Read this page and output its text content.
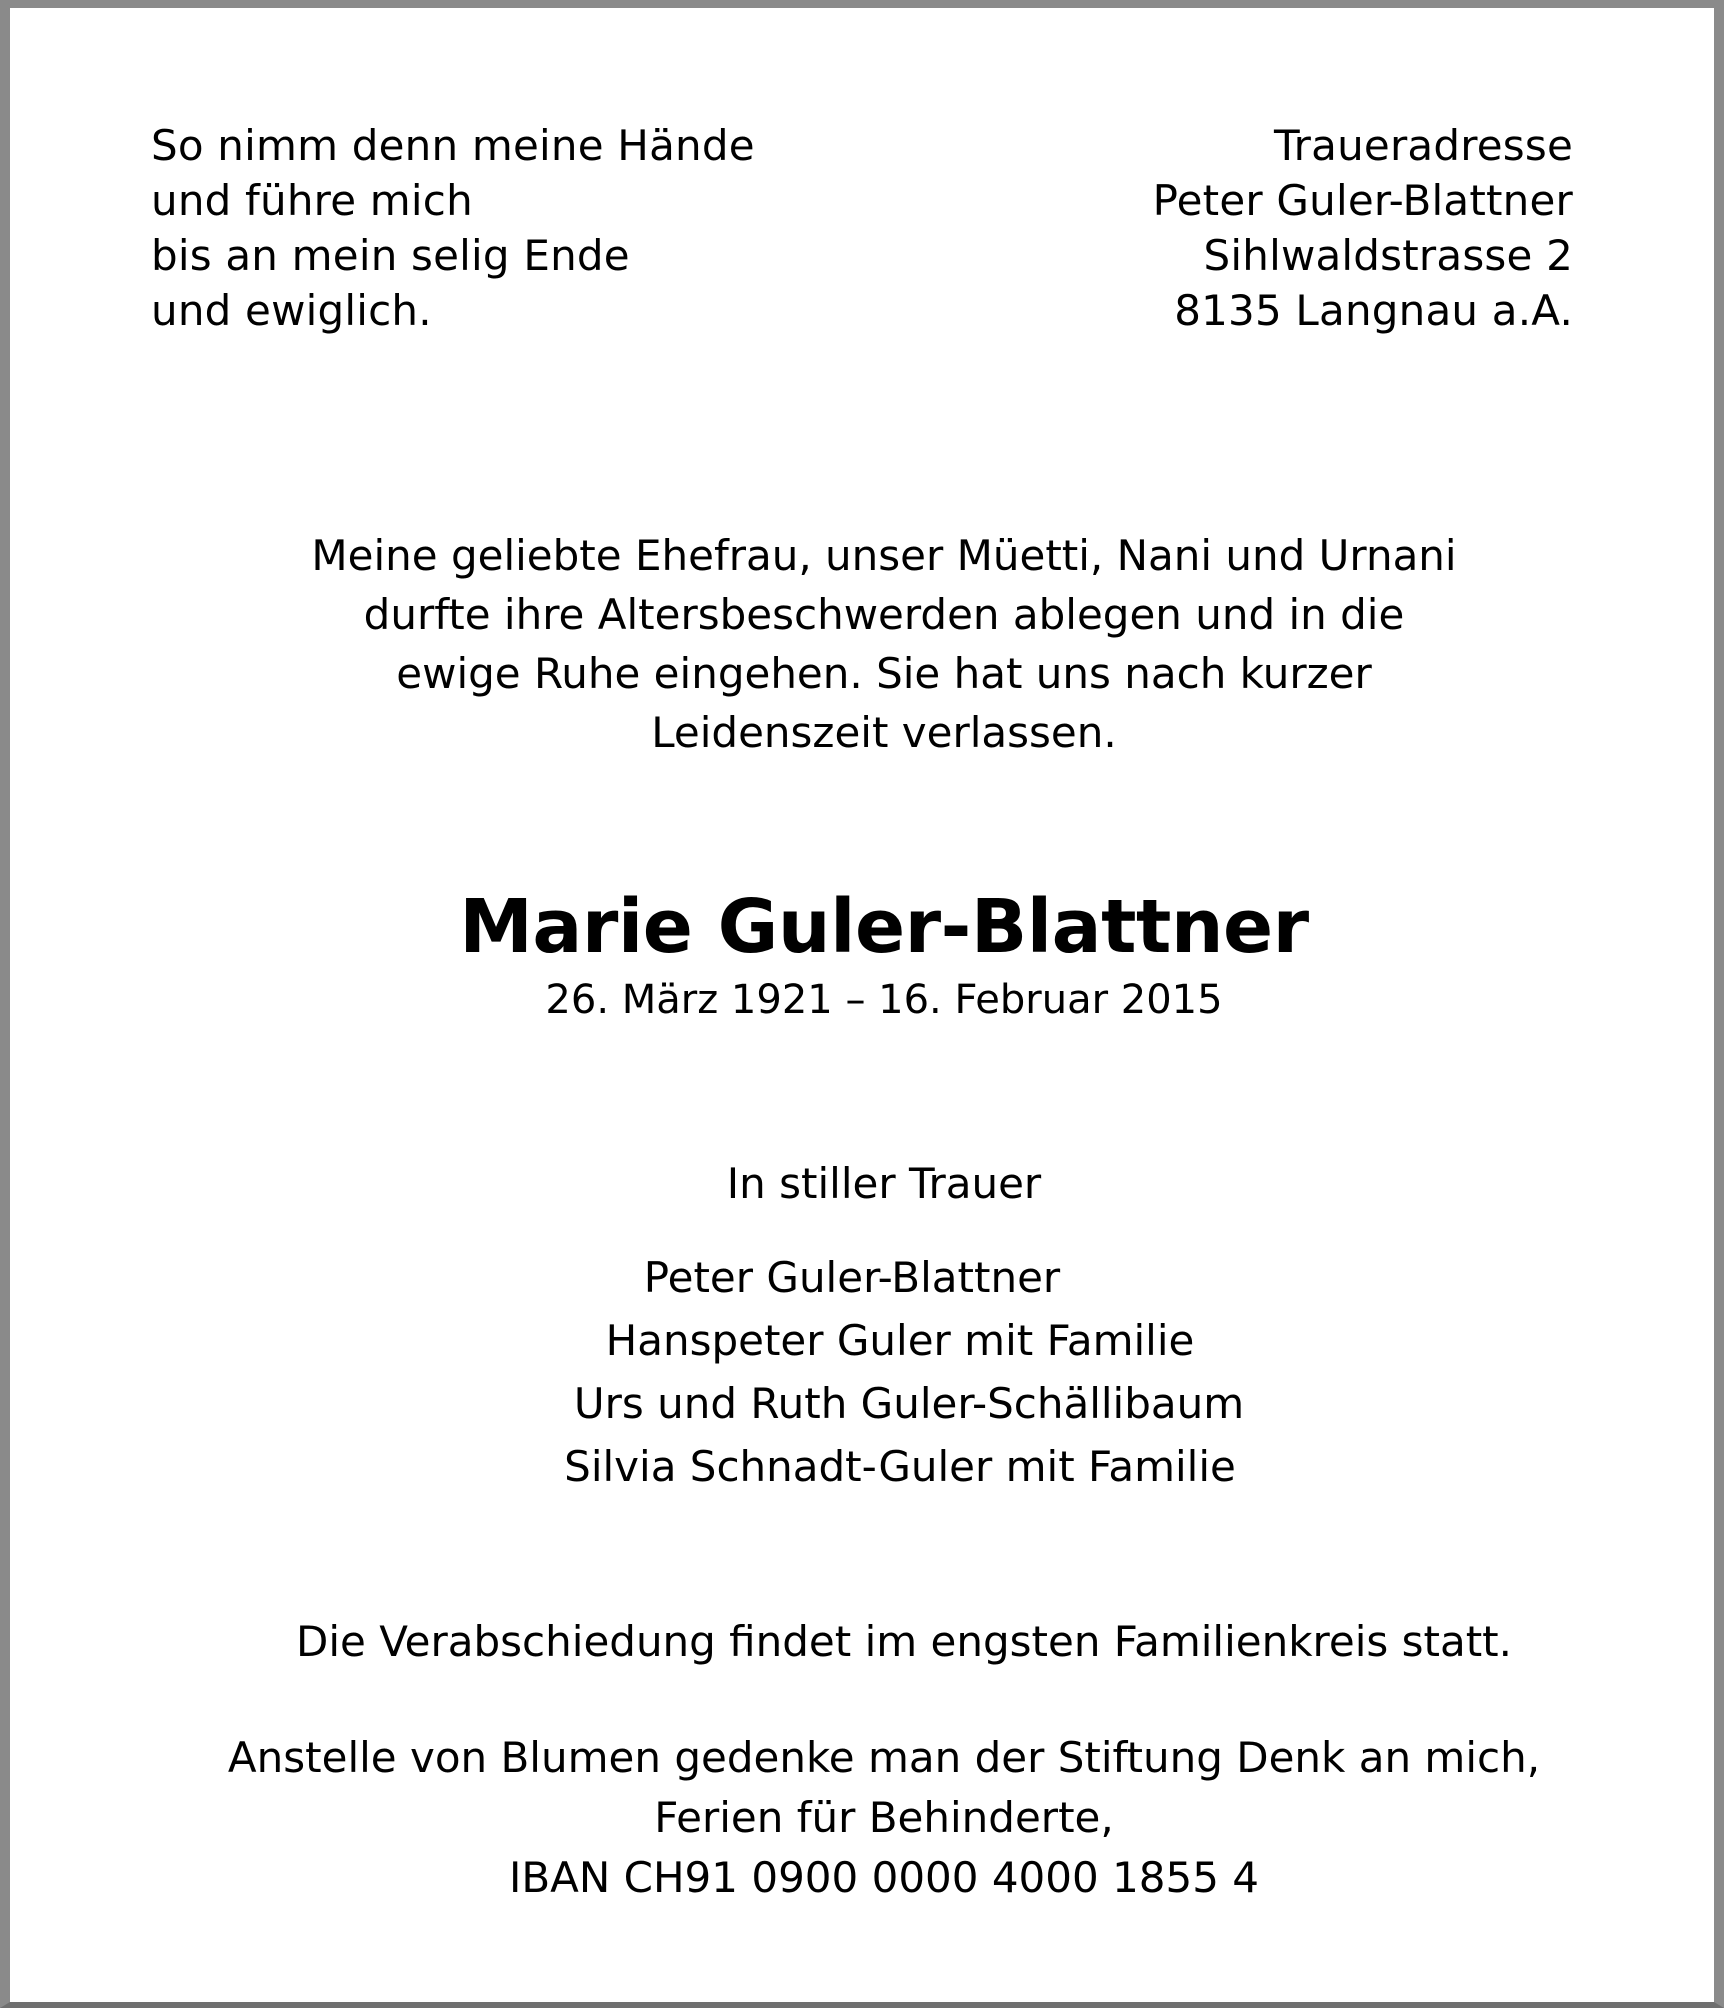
So nimm denn meine Hände
und führe mich
bis an mein selig Ende
und ewiglich.
Traueradresse
Peter Guler-Blattner
Sihlwaldstrasse 2
8135 Langnau a.A.
Meine geliebte Ehefrau, unser Müetti, Nani und Urnani
durfte ihre Altersbeschwerden ablegen und in die
ewige Ruhe eingehen. Sie hat uns nach kurzer
Leidenszeit verlassen.
Marie Guler-Blattner
26. März 1921 – 16. Februar 2015
In stiller Trauer
Peter Guler-Blattner
Hanspeter Guler mit Familie
Urs und Ruth Guler-Schällibaum
Silvia Schnadt-Guler mit Familie
Die Verabschiedung findet im engsten Familienkreis statt.
Anstelle von Blumen gedenke man der Stiftung Denk an mich,
Ferien für Behinderte,
IBAN CH91 0900 0000 4000 1855 4
